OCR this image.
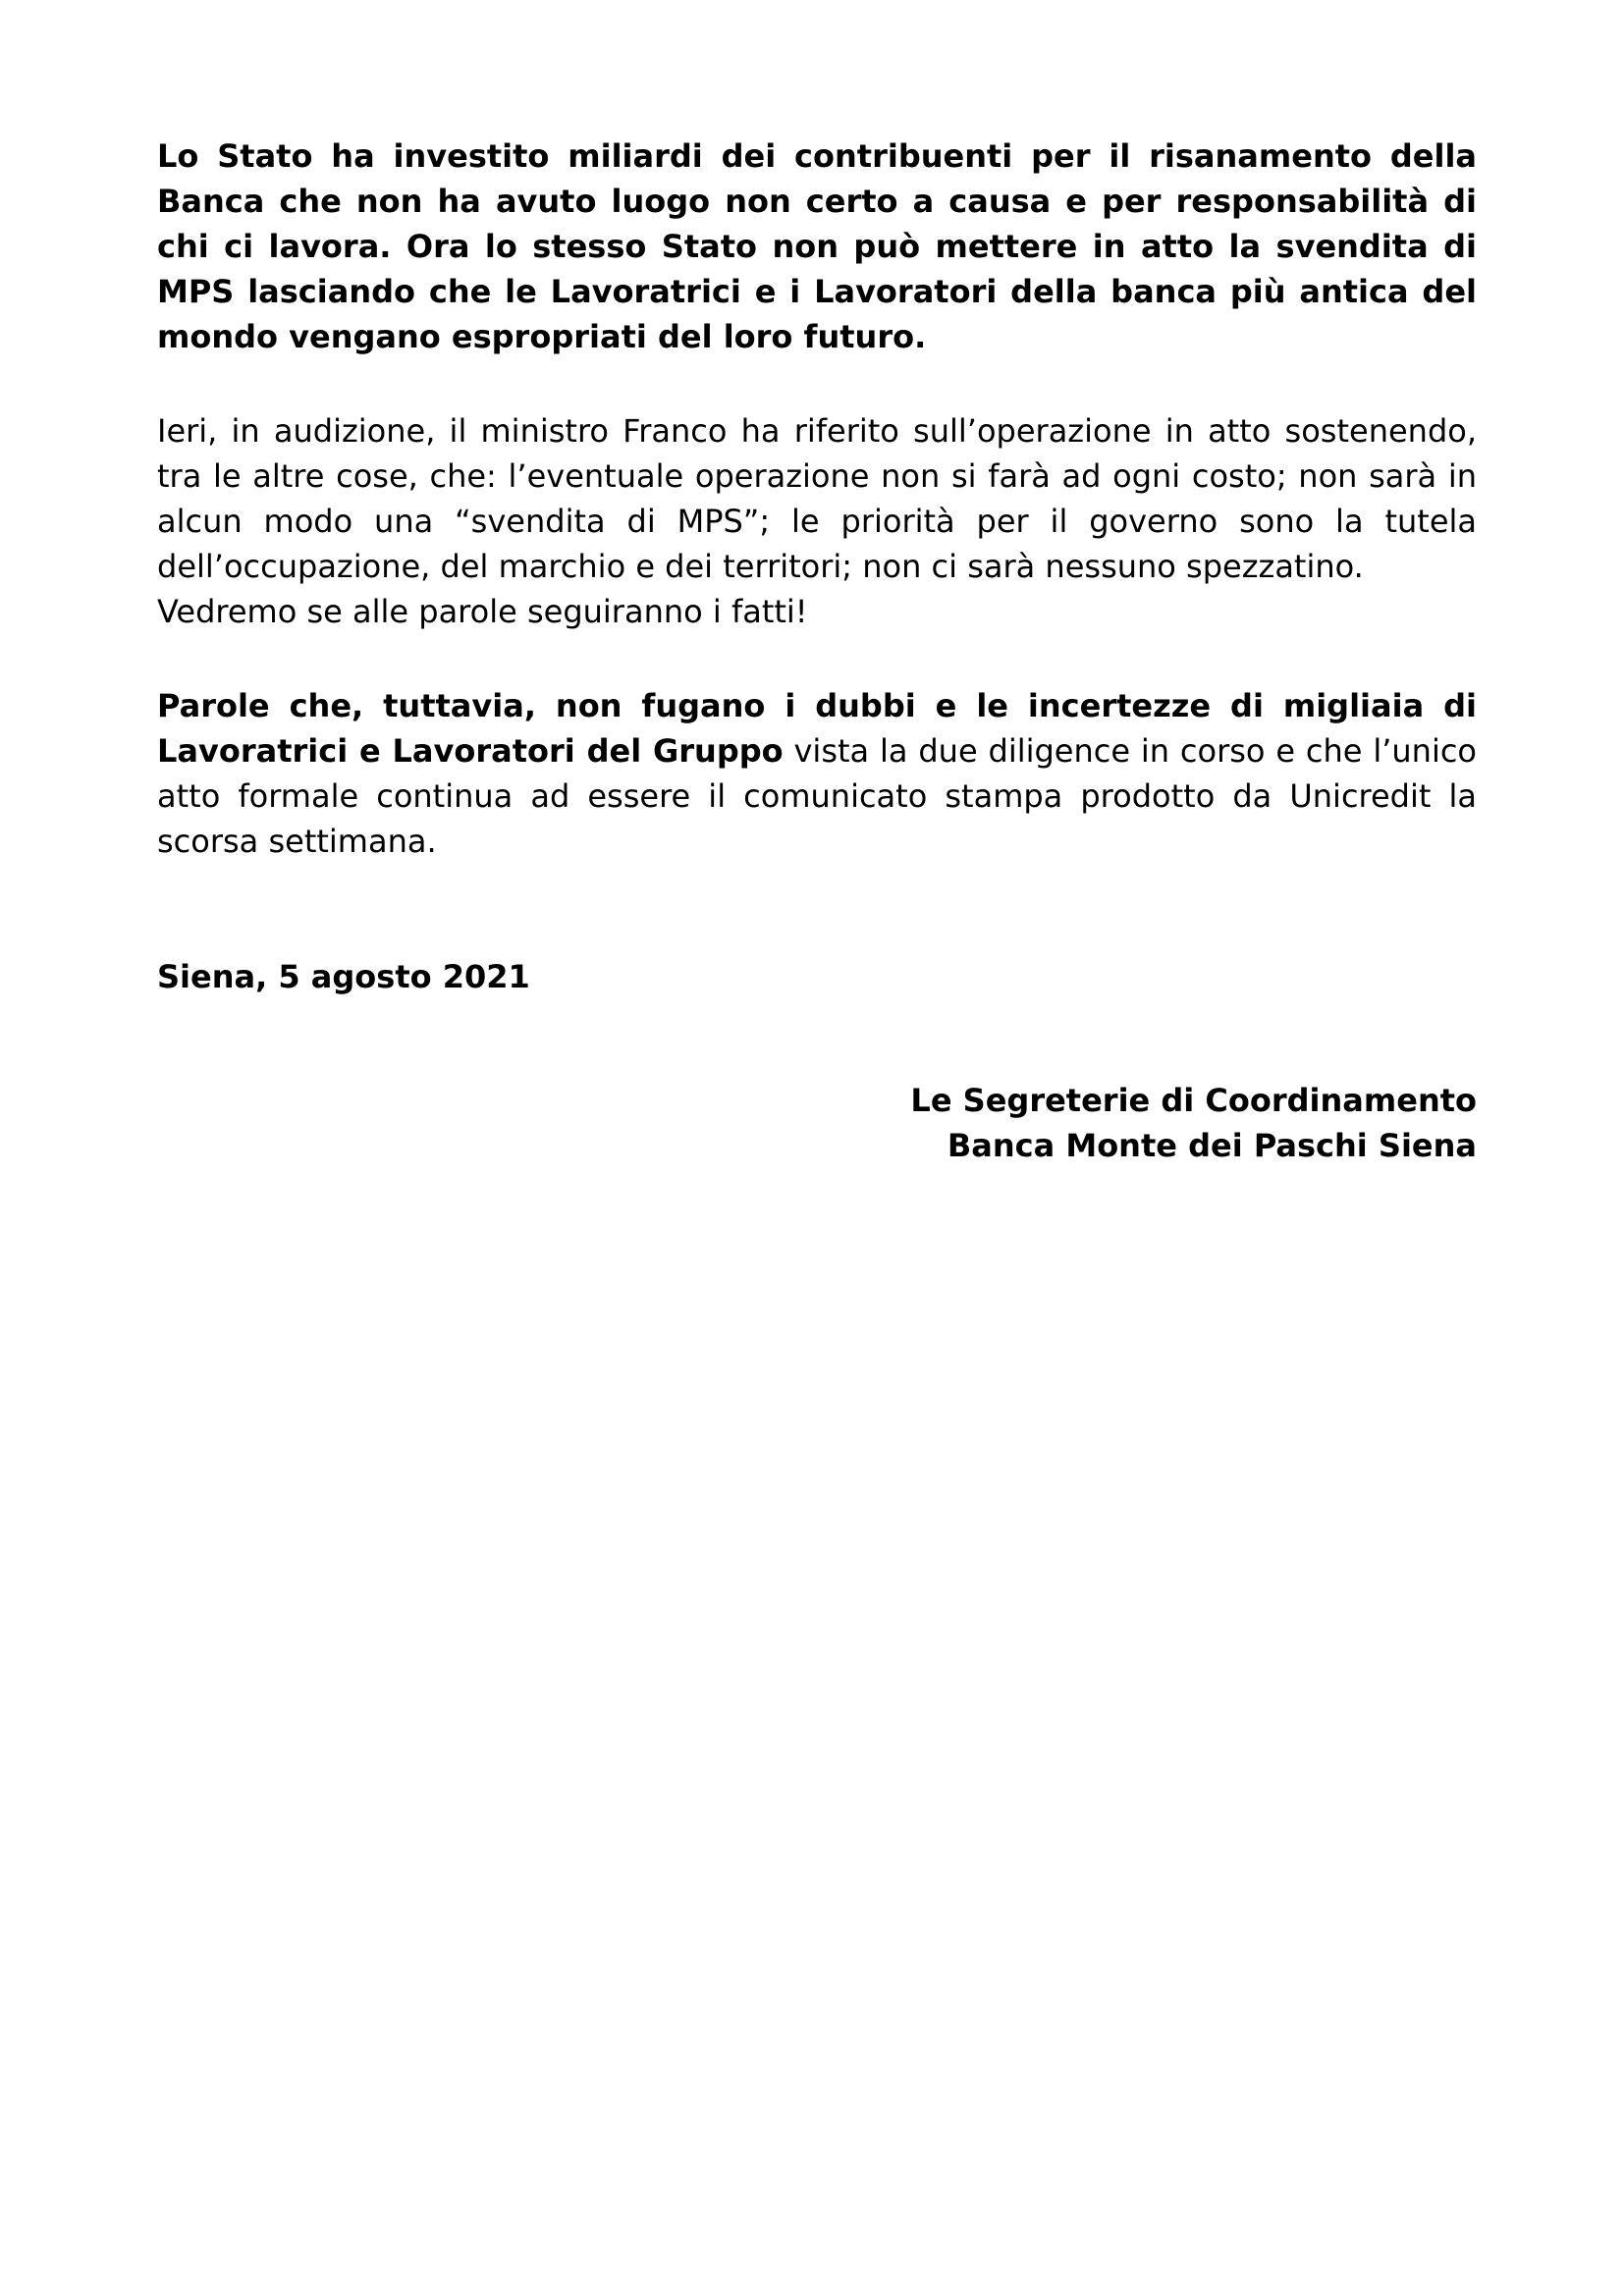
Lo Stato ha investito miliardi dei contribuenti per il risanamento della Banca che non ha avuto luogo non certo a causa e per responsabilità di chi ci lavora. Ora lo stesso Stato non può mettere in atto la svendita di MPS lasciando che le Lavoratrici e i Lavoratori della banca più antica del mondo vengano espropriati del loro futuro.

Ieri, in audizione, il ministro Franco ha riferito sull’operazione in atto sostenendo, tra le altre cose, che: l’eventuale operazione non si farà ad ogni costo; non sarà in alcun modo una “svendita di MPS”; le priorità per il governo sono la tutela dell’occupazione, del marchio e dei territori; non ci sarà nessuno spezzatino.
Vedremo se alle parole seguiranno i fatti!

Parole che, tuttavia, non fugano i dubbi e le incertezze di migliaia di Lavoratrici e Lavoratori del Gruppo vista la due diligence in corso e che l’unico atto formale continua ad essere il comunicato stampa prodotto da Unicredit la scorsa settimana.

Siena, 5 agosto 2021

Le Segreterie di Coordinamento
Banca Monte dei Paschi Siena
